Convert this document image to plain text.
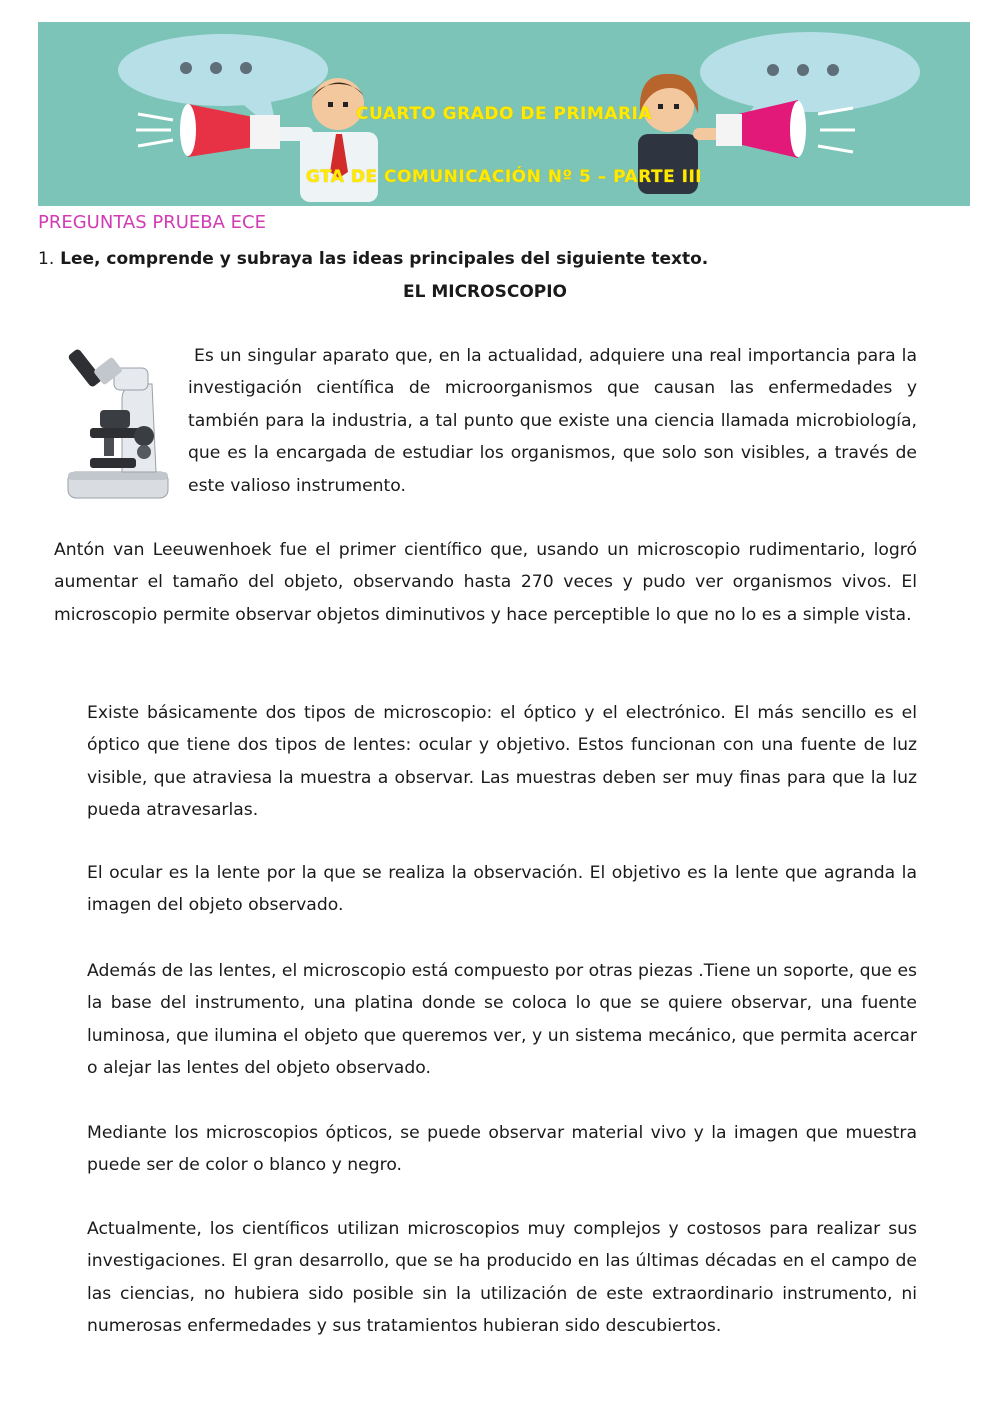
CUARTO GRADO DE PRIMARIA
GTA DE COMUNICACIÓN Nº 5 – PARTE III
PREGUNTAS PRUEBA ECE
1. Lee, comprende y subraya las ideas principales del siguiente texto.
EL MICROSCOPIO
Es un singular aparato que, en la actualidad, adquiere una real importancia para la investigación científica de microorganismos que causan las enfermedades y también para la industria, a tal punto que existe una ciencia llamada microbiología, que es la encargada de estudiar los organismos, que solo son visibles, a través de este valioso instrumento.
Antón van Leeuwenhoek fue el primer científico que, usando un microscopio rudimentario, logró aumentar el tamaño del objeto, observando hasta 270 veces y pudo ver organismos vivos. El microscopio permite observar objetos diminutivos y hace perceptible lo que no lo es a simple vista.
Existe básicamente dos tipos de microscopio: el óptico y el electrónico. El más sencillo es el óptico que tiene dos tipos de lentes: ocular y objetivo. Estos funcionan con una fuente de luz visible, que atraviesa la muestra a observar. Las muestras deben ser muy finas para que la luz pueda atravesarlas.
El ocular es la lente por la que se realiza la observación. El objetivo es la lente que agranda la imagen del objeto observado.
Además de las lentes, el microscopio está compuesto por otras piezas .Tiene un soporte, que es la base del instrumento, una platina donde se coloca lo que se quiere observar, una fuente luminosa, que ilumina el objeto que queremos ver, y un sistema mecánico, que permita acercar o alejar las lentes del objeto observado.
Mediante los microscopios ópticos, se puede observar material vivo y la imagen que muestra puede ser de color o blanco y negro.
Actualmente, los científicos utilizan microscopios muy complejos y costosos para realizar sus investigaciones. El gran desarrollo, que se ha producido en las últimas décadas en el campo de las ciencias, no hubiera sido posible sin la utilización de este extraordinario instrumento, ni numerosas enfermedades y sus tratamientos hubieran sido descubiertos.
